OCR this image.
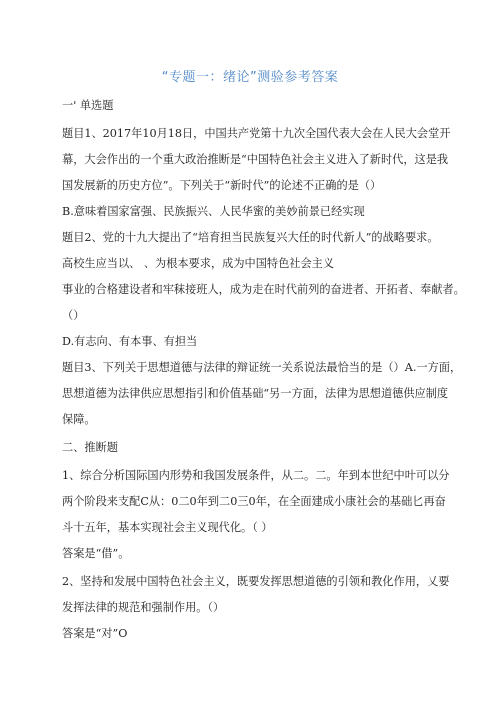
“专题一：绪论”测验参考答案
一' 单选题
题目1、2017年10月18日，中国共产党第十九次全国代表大会在人民大会堂开
幕，大会作出的一个重大政治推断是“中国特色社会主义进入了新时代，这是我
国发展新的历史方位”。下列关于“新时代”的论述不正确的是（）
B.意味着国家富强、民族振兴、人民华蜜的美妙前景已经实现
题目2、党的十九大提出了“培育担当民族复兴大任的时代新人”的战略要求。
高校生应当以、 、为根本要求，成为中国特色社会主义
事业的合格建设者和牢秣接班人，成为走在时代前列的奋进者、开拓者、奉献者。
（）
D.有志向、有本事、有担当
题目3、下列关于思想道德与法律的辩证统一关系说法最恰当的是（）A.一方面，
思想道德为法律供应思想指引和价值基础“另一方面，法律为思想道德供应制度
保障。
二、推断题
1、综合分析国际国内形势和我国发展条件，从二。二。年到本世纪中叶可以分
两个阶段来支配C从：0二0年到二0三0年，在全面建成小康社会的基础匕再奋
斗十五年，基本实现社会主义现代化。（ ）
答案是“借”。
2、坚持和发展中国特色社会主义，既要发挥思想道德的引领和教化作用，乂要
发挥法律的规范和强制作用。（）
答案是“对”O
